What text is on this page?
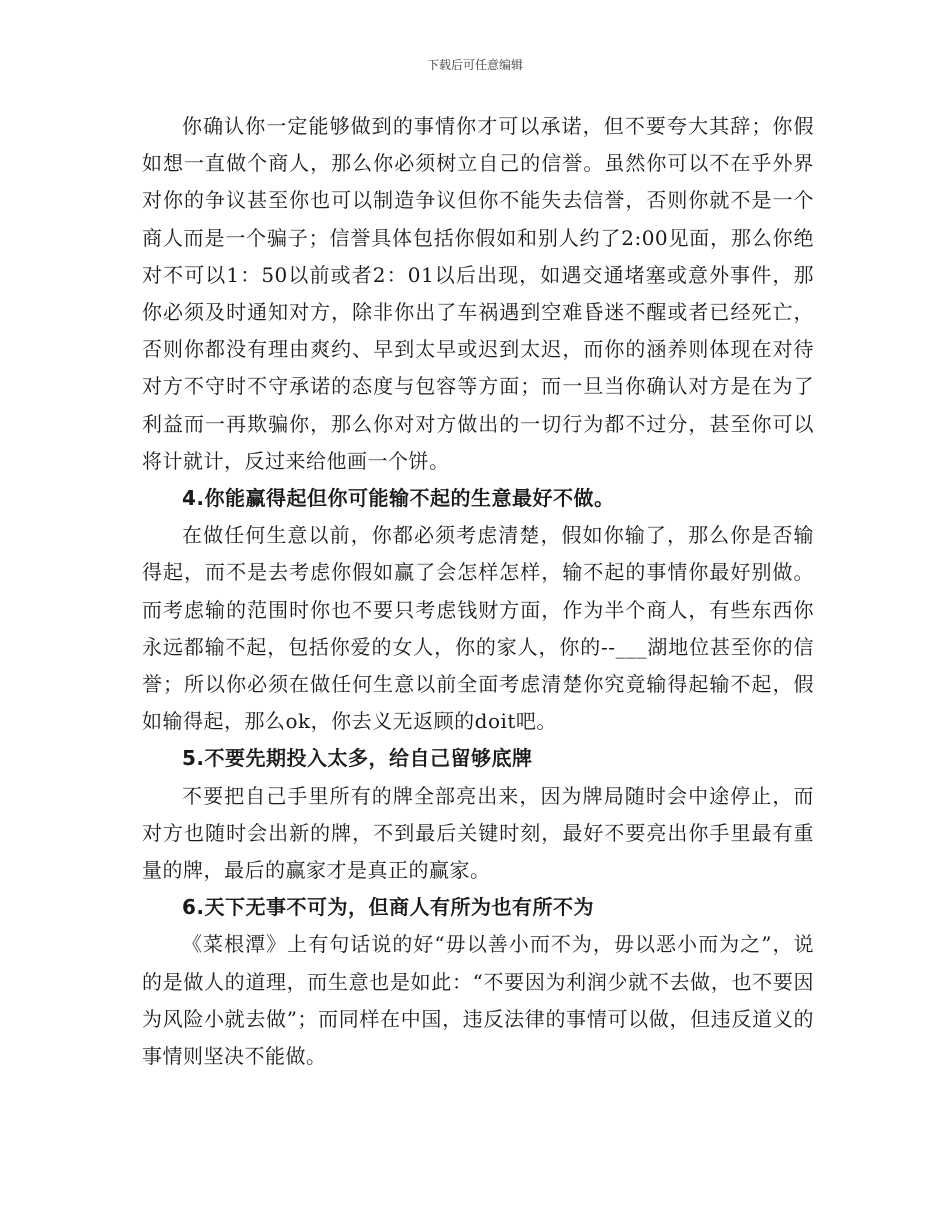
下载后可任意编辑

你确认你一定能够做到的事情你才可以承诺，但不要夸大其辞；你假如想一直做个商人，那么你必须树立自己的信誉。虽然你可以不在乎外界对你的争议甚至你也可以制造争议但你不能失去信誉，否则你就不是一个商人而是一个骗子；信誉具体包括你假如和别人约了2:00见面，那么你绝对不可以1：50以前或者2：01以后出现，如遇交通堵塞或意外事件，那你必须及时通知对方，除非你出了车祸遇到空难昏迷不醒或者已经死亡，否则你都没有理由爽约、早到太早或迟到太迟，而你的涵养则体现在对待对方不守时不守承诺的态度与包容等方面；而一旦当你确认对方是在为了利益而一再欺骗你，那么你对对方做出的一切行为都不过分，甚至你可以将计就计，反过来给他画一个饼。

4.你能赢得起但你可能输不起的生意最好不做。

在做任何生意以前，你都必须考虑清楚，假如你输了，那么你是否输得起，而不是去考虑你假如赢了会怎样怎样，输不起的事情你最好别做。而考虑输的范围时你也不要只考虑钱财方面，作为半个商人，有些东西你永远都输不起，包括你爱的女人，你的家人，你的--___湖地位甚至你的信誉；所以你必须在做任何生意以前全面考虑清楚你究竟输得起输不起，假如输得起，那么ok，你去义无返顾的doit吧。

5.不要先期投入太多，给自己留够底牌

不要把自己手里所有的牌全部亮出来，因为牌局随时会中途停止，而对方也随时会出新的牌，不到最后关键时刻，最好不要亮出你手里最有重量的牌，最后的赢家才是真正的赢家。

6.天下无事不可为，但商人有所为也有所不为

《菜根潭》上有句话说的好“毋以善小而不为，毋以恶小而为之”，说的是做人的道理，而生意也是如此：“不要因为利润少就不去做，也不要因为风险小就去做”；而同样在中国，违反法律的事情可以做，但违反道义的事情则坚决不能做。
